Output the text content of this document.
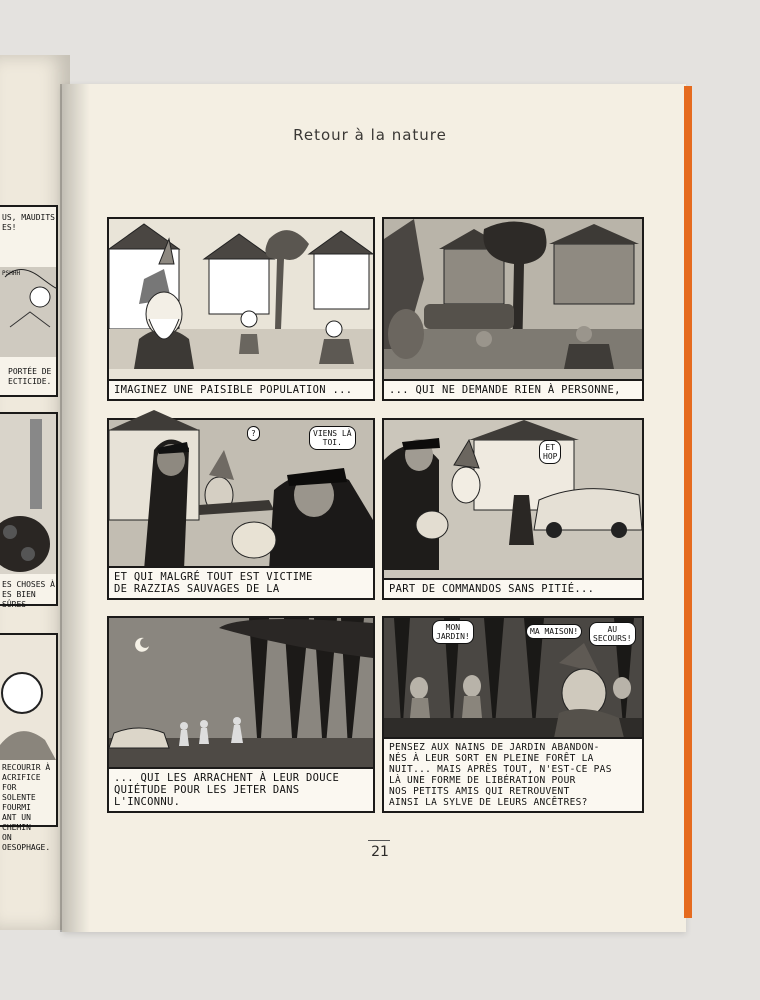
US, MAUDITS
ES!
PSHHH
PORTÉE DE
ECTICIDE.
ES CHOSES À
ES BIEN SÛRES
RECOURIR À
ACRIFICE FOR
SOLENTE FOURMI
ANT UN CHEMIN
ON OESOPHAGE.
Retour à la nature
IMAGINEZ UNE PAISIBLE POPULATION ...	... QUI NE DEMANDE RIEN À PERSONNE,
?	VIENS LÀ
TOI.
ET QUI MALGRÉ TOUT EST VICTIME
DE RAZZIAS SAUVAGES DE LA
ET
HOP
PART DE COMMANDOS SANS PITIÉ...
... QUI LES ARRACHENT À LEUR DOUCE
QUIÉTUDE POUR LES JETER DANS L'INCONNU.
MON
JARDIN!
MA MAISON!	AU
SECOURS!
PENSEZ AUX NAINS DE JARDIN ABANDON-
NÉS À LEUR SORT EN PLEINE FORÊT LA
NUIT... MAIS APRÈS TOUT, N'EST-CE PAS
LÀ UNE FORME DE LIBÉRATION POUR
NOS PETITS AMIS QUI RETROUVENT
AINSI LA SYLVE DE LEURS ANCÊTRES?
21
